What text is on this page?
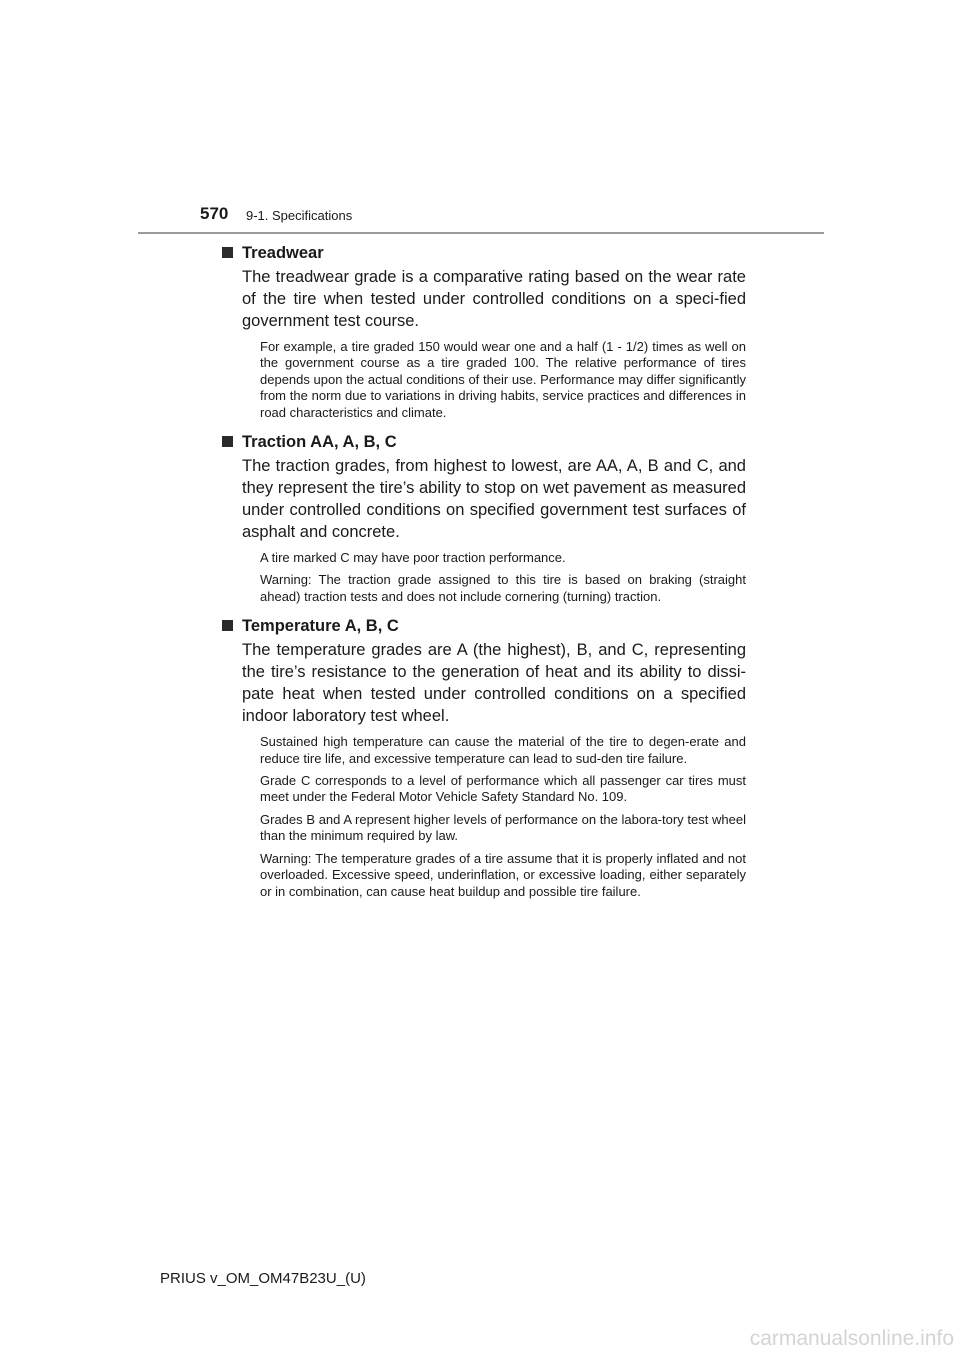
570 9-1. Specifications
Treadwear

The treadwear grade is a comparative rating based on the wear rate of the tire when tested under controlled conditions on a speci-fied government test course.

For example, a tire graded 150 would wear one and a half (1 - 1/2) times as well on the government course as a tire graded 100. The relative performance of tires depends upon the actual conditions of their use. Performance may differ significantly from the norm due to variations in driving habits, service practices and differences in road characteristics and climate.

Traction AA, A, B, C

The traction grades, from highest to lowest, are AA, A, B and C, and they represent the tire’s ability to stop on wet pavement as measured under controlled conditions on specified government test surfaces of asphalt and concrete.

A tire marked C may have poor traction performance.

Warning: The traction grade assigned to this tire is based on braking (straight ahead) traction tests and does not include cornering (turning) traction.

Temperature A, B, C

The temperature grades are A (the highest), B, and C, representing the tire’s resistance to the generation of heat and its ability to dissi-pate heat when tested under controlled conditions on a specified indoor laboratory test wheel.

Sustained high temperature can cause the material of the tire to degen-erate and reduce tire life, and excessive temperature can lead to sud-den tire failure.

Grade C corresponds to a level of performance which all passenger car tires must meet under the Federal Motor Vehicle Safety Standard No. 109.

Grades B and A represent higher levels of performance on the labora-tory test wheel than the minimum required by law.

Warning: The temperature grades of a tire assume that it is properly inflated and not overloaded. Excessive speed, underinflation, or excessive loading, either separately or in combination, can cause heat buildup and possible tire failure.

PRIUS v_OM_OM47B23U_(U)
carmanualsonline.info
